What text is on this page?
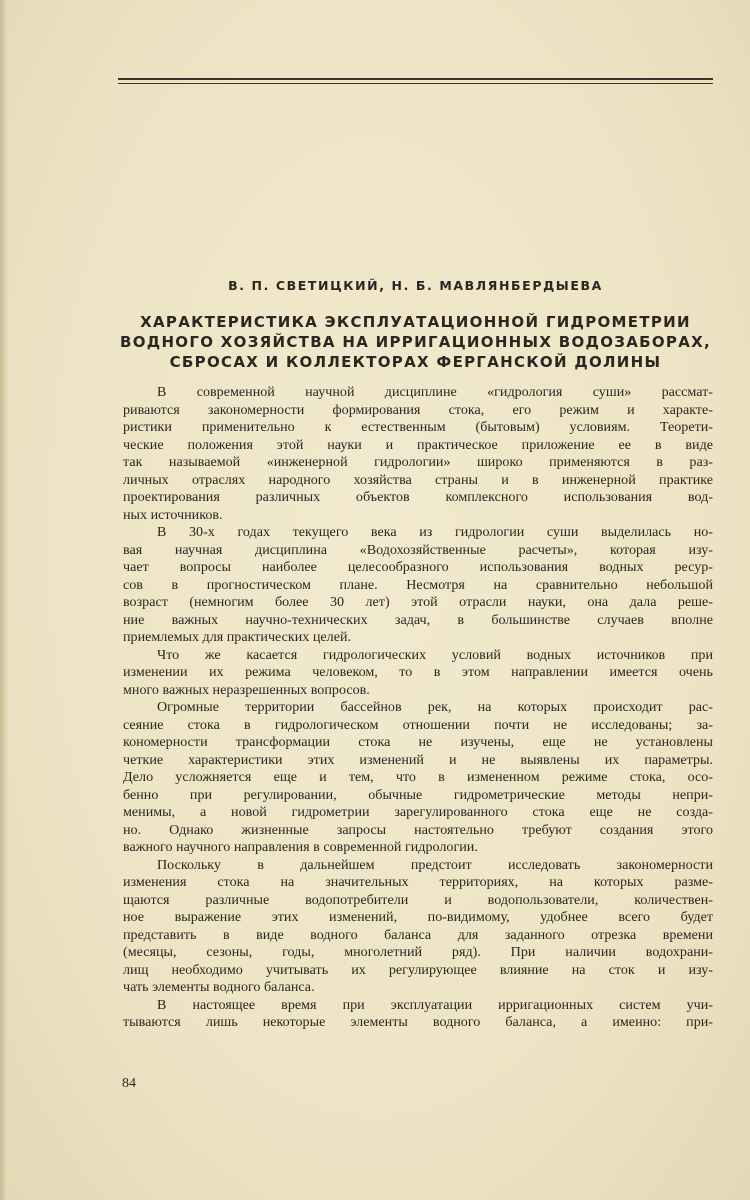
В. П. СВЕТИЦКИЙ, Н. Б. МАВЛЯНБЕРДЫЕВА
ХАРАКТЕРИСТИКА ЭКСПЛУАТАЦИОННОЙ ГИДРОМЕТРИИ
ВОДНОГО ХОЗЯЙСТВА НА ИРРИГАЦИОННЫХ ВОДОЗАБОРАХ,
СБРОСАХ И КОЛЛЕКТОРАХ ФЕРГАНСКОЙ ДОЛИНЫ
В современной научной дисциплине «гидрология суши» рассмат-
риваются закономерности формирования стока, его режим и характе-
ристики применительно к естественным (бытовым) условиям. Теорети-
ческие положения этой науки и практическое приложение ее в виде
так называемой «инженерной гидрологии» широко применяются в раз-
личных отраслях народного хозяйства страны и в инженерной практике
проектирования различных объектов комплексного использования вод-
ных источников.
В 30-х годах текущего века из гидрологии суши выделилась но-
вая научная дисциплина «Водохозяйственные расчеты», которая изу-
чает вопросы наиболее целесообразного использования водных ресур-
сов в прогностическом плане. Несмотря на сравнительно небольшой
возраст (немногим более 30 лет) этой отрасли науки, она дала реше-
ние важных научно-технических задач, в большинстве случаев вполне
приемлемых для практических целей.
Что же касается гидрологических условий водных источников при
изменении их режима человеком, то в этом направлении имеется очень
много важных неразрешенных вопросов.
Огромные территории бассейнов рек, на которых происходит рас-
сеяние стока в гидрологическом отношении почти не исследованы; за-
кономерности трансформации стока не изучены, еще не установлены
четкие характеристики этих изменений и не выявлены их параметры.
Дело усложняется еще и тем, что в измененном режиме стока, осо-
бенно при регулировании, обычные гидрометрические методы непри-
менимы, а новой гидрометрии зарегулированного стока еще не созда-
но. Однако жизненные запросы настоятельно требуют создания этого
важного научного направления в современной гидрологии.
Поскольку в дальнейшем предстоит исследовать закономерности
изменения стока на значительных территориях, на которых разме-
щаются различные водопотребители и водопользователи, количествен-
ное выражение этих изменений, по-видимому, удобнее всего будет
представить в виде водного баланса для заданного отрезка времени
(месяцы, сезоны, годы, многолетний ряд). При наличии водохрани-
лищ необходимо учитывать их регулирующее влияние на сток и изу-
чать элементы водного баланса.
В настоящее время при эксплуатации ирригационных систем учи-
тываются лишь некоторые элементы водного баланса, а именно: при-
84
